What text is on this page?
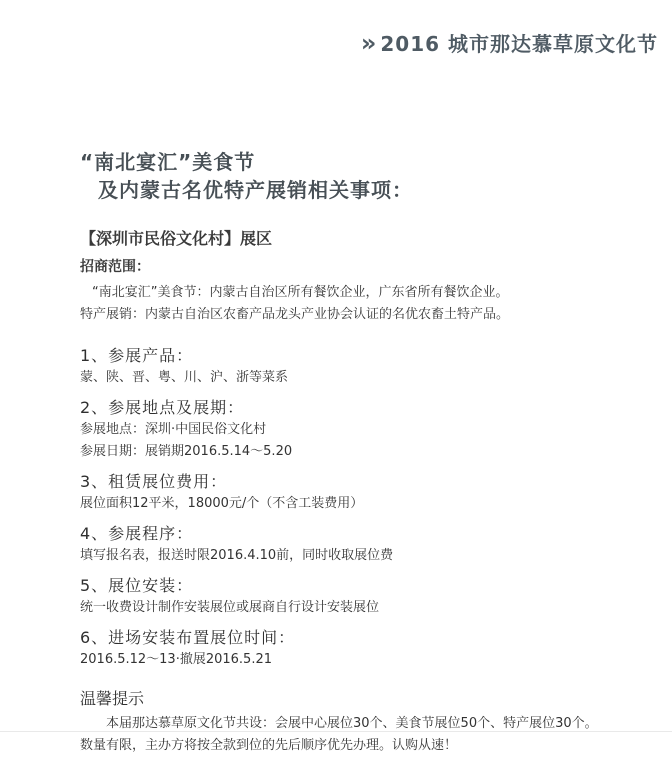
» 2016 城市那达慕草原文化节
“南北宴汇”美食节
及内蒙古名优特产展销相关事项：
【深圳市民俗文化村】展区
招商范围：
“南北宴汇”美食节：内蒙古自治区所有餐饮企业，广东省所有餐饮企业。
特产展销：内蒙古自治区农畜产品龙头产业协会认证的名优农畜土特产品。
1、参展产品：
蒙、陕、晋、粤、川、沪、浙等菜系
2、参展地点及展期：
参展地点：深圳·中国民俗文化村
参展日期：展销期2016.5.14～5.20
3、租赁展位费用：
展位面积12平米，18000元/个（不含工装费用）
4、参展程序：
填写报名表，报送时限2016.4.10前，同时收取展位费
5、展位安装：
统一收费设计制作安装展位或展商自行设计安装展位
6、进场安装布置展位时间：
2016.5.12～13·撤展2016.5.21
温馨提示
本届那达慕草原文化节共设：会展中心展位30个、美食节展位50个、特产展位30个。
数量有限，主办方将按全款到位的先后顺序优先办理。认购从速！
